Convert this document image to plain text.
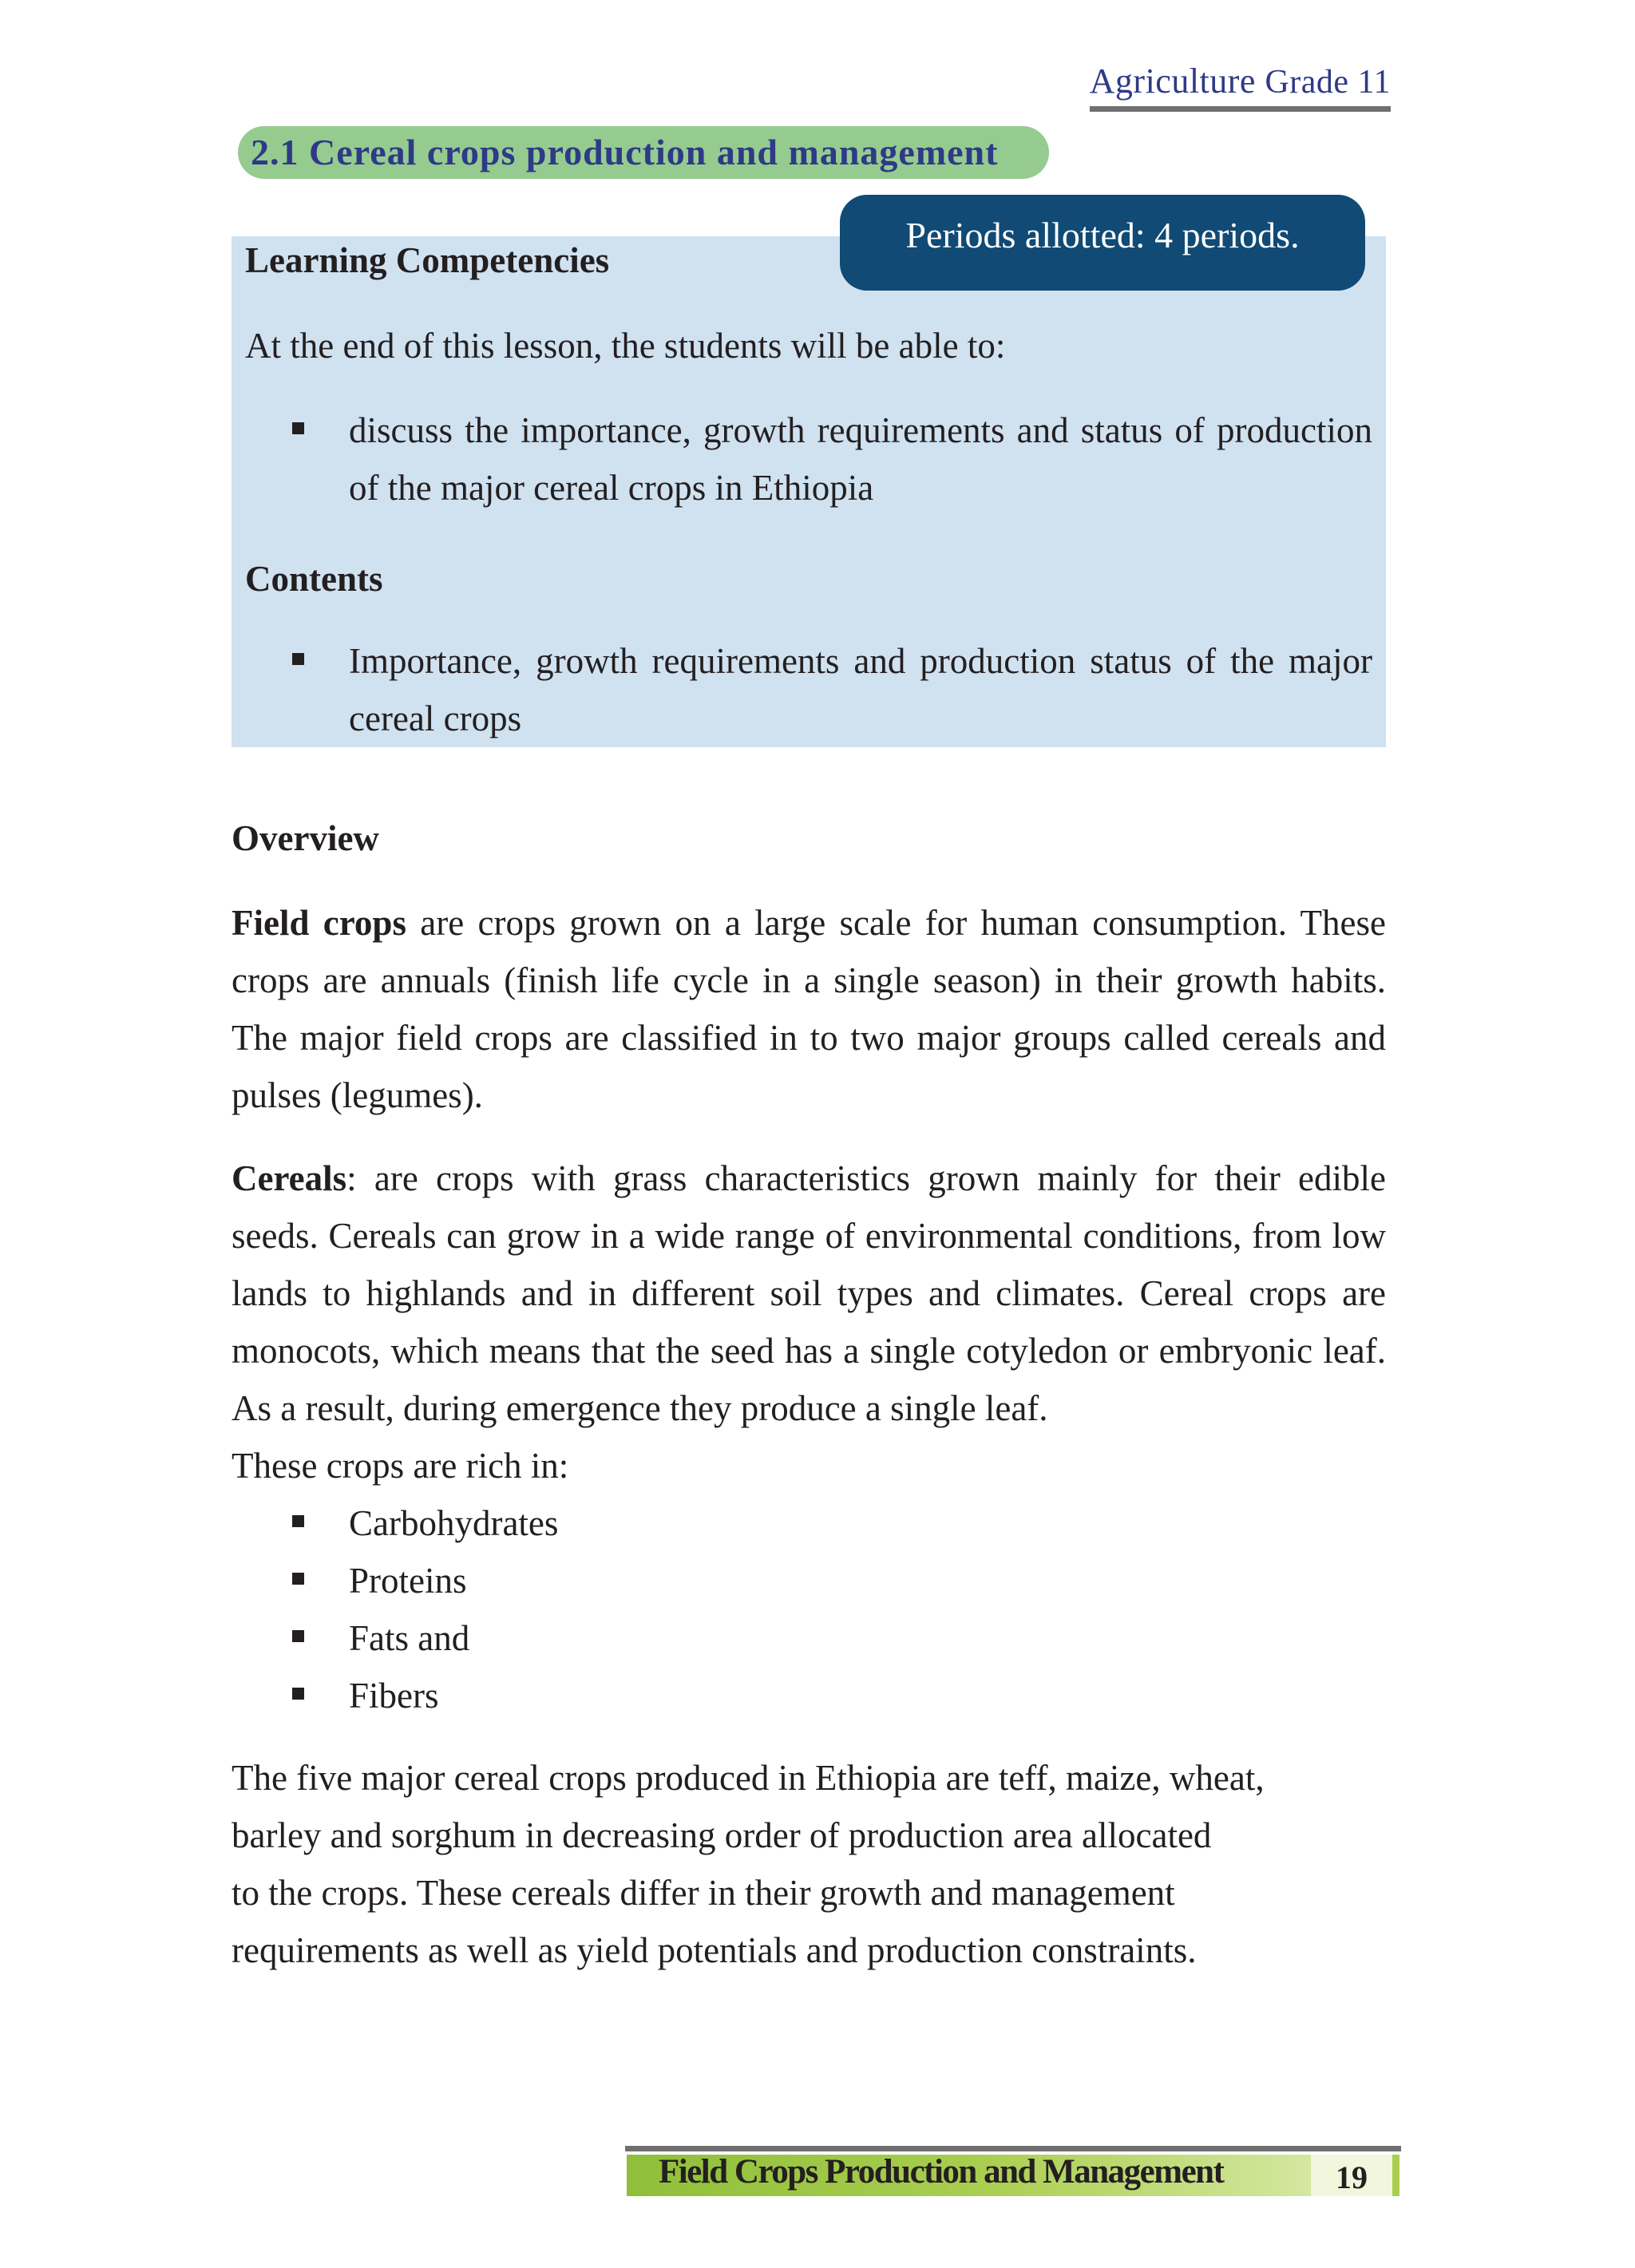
Agriculture Grade 11
2.1 Cereal crops production and management
Periods allotted: 4 periods.
Learning Competencies
At the end of this lesson, the students will be able to:
discuss the importance, growth requirements and status of production of the major cereal crops in Ethiopia
Contents
Importance, growth requirements and production status of the major cereal crops
Overview

Field crops are crops grown on a large scale for human consumption. These crops are annuals (finish life cycle in a single season) in their growth habits. The major field crops are classified in to two major groups called cereals and pulses (legumes).

Cereals: are crops with grass characteristics grown mainly for their edible seeds. Cereals can grow in a wide range of environmental conditions, from low lands to highlands and in different soil types and climates. Cereal crops are monocots, which means that the seed has a single cotyledon or embryonic leaf. As a result, during emergence they produce a single leaf.

These crops are rich in:
Carbohydrates
Proteins
Fats and
Fibers
The five major cereal crops produced in Ethiopia are teff, maize, wheat,
barley and sorghum in decreasing order of production area allocated
to the crops. These cereals differ in their growth and management
requirements as well as yield potentials and production constraints.
Field Crops Production and Management	19
